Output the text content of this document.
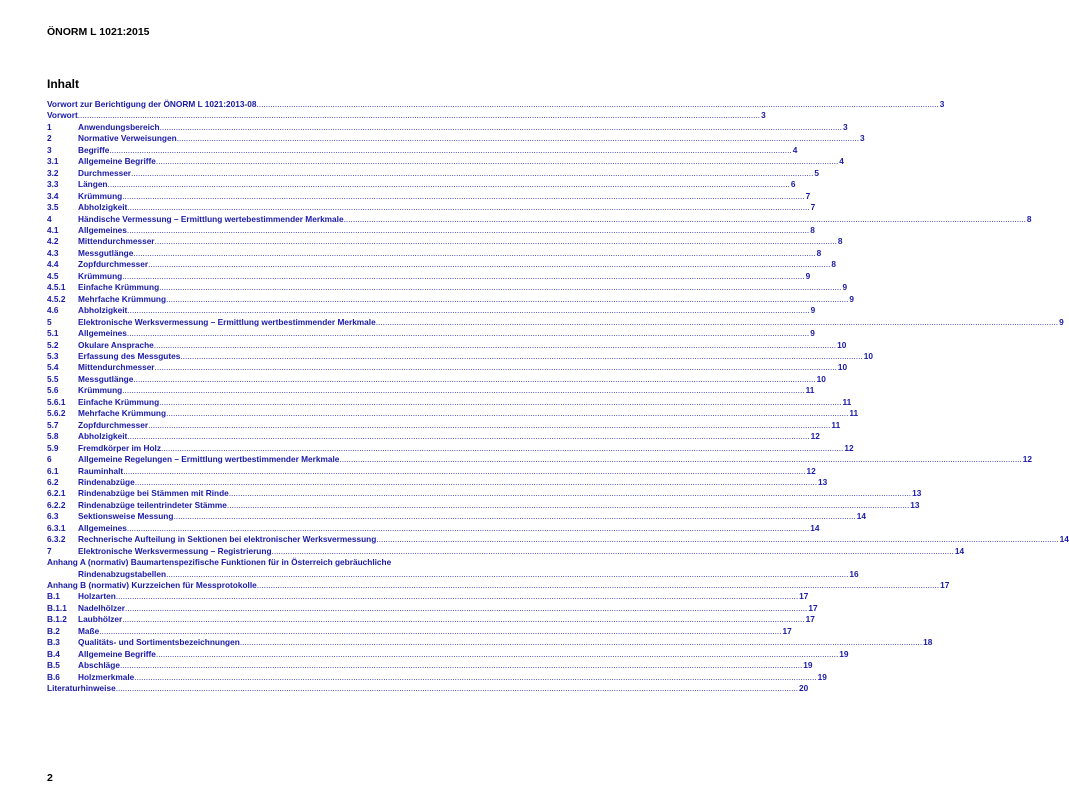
ÖNORM L 1021:2015
Inhalt
Vorwort zur Berichtigung der ÖNORM L 1021:2013-08 .....	3
Vorwort .....	3
1	Anwendungsbereich .....	3
2	Normative Verweisungen .....	3
3	Begriffe .....	4
3.1	Allgemeine Begriffe .....	4
3.2	Durchmesser .....	5
3.3	Längen .....	6
3.4	Krümmung .....	7
3.5	Abholzigkeit .....	7
4	Händische Vermessung – Ermittlung wertebestimmender Merkmale .....	8
4.1	Allgemeines .....	8
4.2	Mittendurchmesser .....	8
4.3	Messgutlänge .....	8
4.4	Zopfdurchmesser .....	8
4.5	Krümmung .....	9
4.5.1	Einfache Krümmung .....	9
4.5.2	Mehrfache Krümmung .....	9
4.6	Abholzigkeit .....	9
5	Elektronische Werksvermessung – Ermittlung wertbestimmender Merkmale .....	9
5.1	Allgemeines .....	9
5.2	Okulare Ansprache .....	10
5.3	Erfassung des Messgutes .....	10
5.4	Mittendurchmesser .....	10
5.5	Messgutlänge .....	10
5.6	Krümmung .....	11
5.6.1	Einfache Krümmung .....	11
5.6.2	Mehrfache Krümmung .....	11
5.7	Zopfdurchmesser .....	11
5.8	Abholzigkeit .....	12
5.9	Fremdkörper im Holz .....	12
6	Allgemeine Regelungen – Ermittlung wertbestimmender Merkmale .....	12
6.1	Rauminhalt .....	12
6.2	Rindenabzüge .....	13
6.2.1	Rindenabzüge bei Stämmen mit Rinde .....	13
6.2.2	Rindenabzüge teilentrindeter Stämme .....	13
6.3	Sektionsweise Messung .....	14
6.3.1	Allgemeines .....	14
6.3.2	Rechnerische Aufteilung in Sektionen bei elektronischer Werksvermessung .....	14
7	Elektronische Werksvermessung – Registrierung .....	14
Anhang A (normativ) Baumartenspezifische Funktionen für in Österreich gebräuchliche
Rindenabzugstabellen .....	16
Anhang B (normativ) Kurzzeichen für Messprotokolle .....	17
B.1	Holzarten .....	17
B.1.1	Nadelhölzer .....	17
B.1.2	Laubhölzer .....	17
B.2	Maße .....	17
B.3	Qualitäts- und Sortimentsbezeichnungen .....	18
B.4	Allgemeine Begriffe .....	19
B.5	Abschläge .....	19
B.6	Holzmerkmale .....	19
Literaturhinweise .....	20
2
